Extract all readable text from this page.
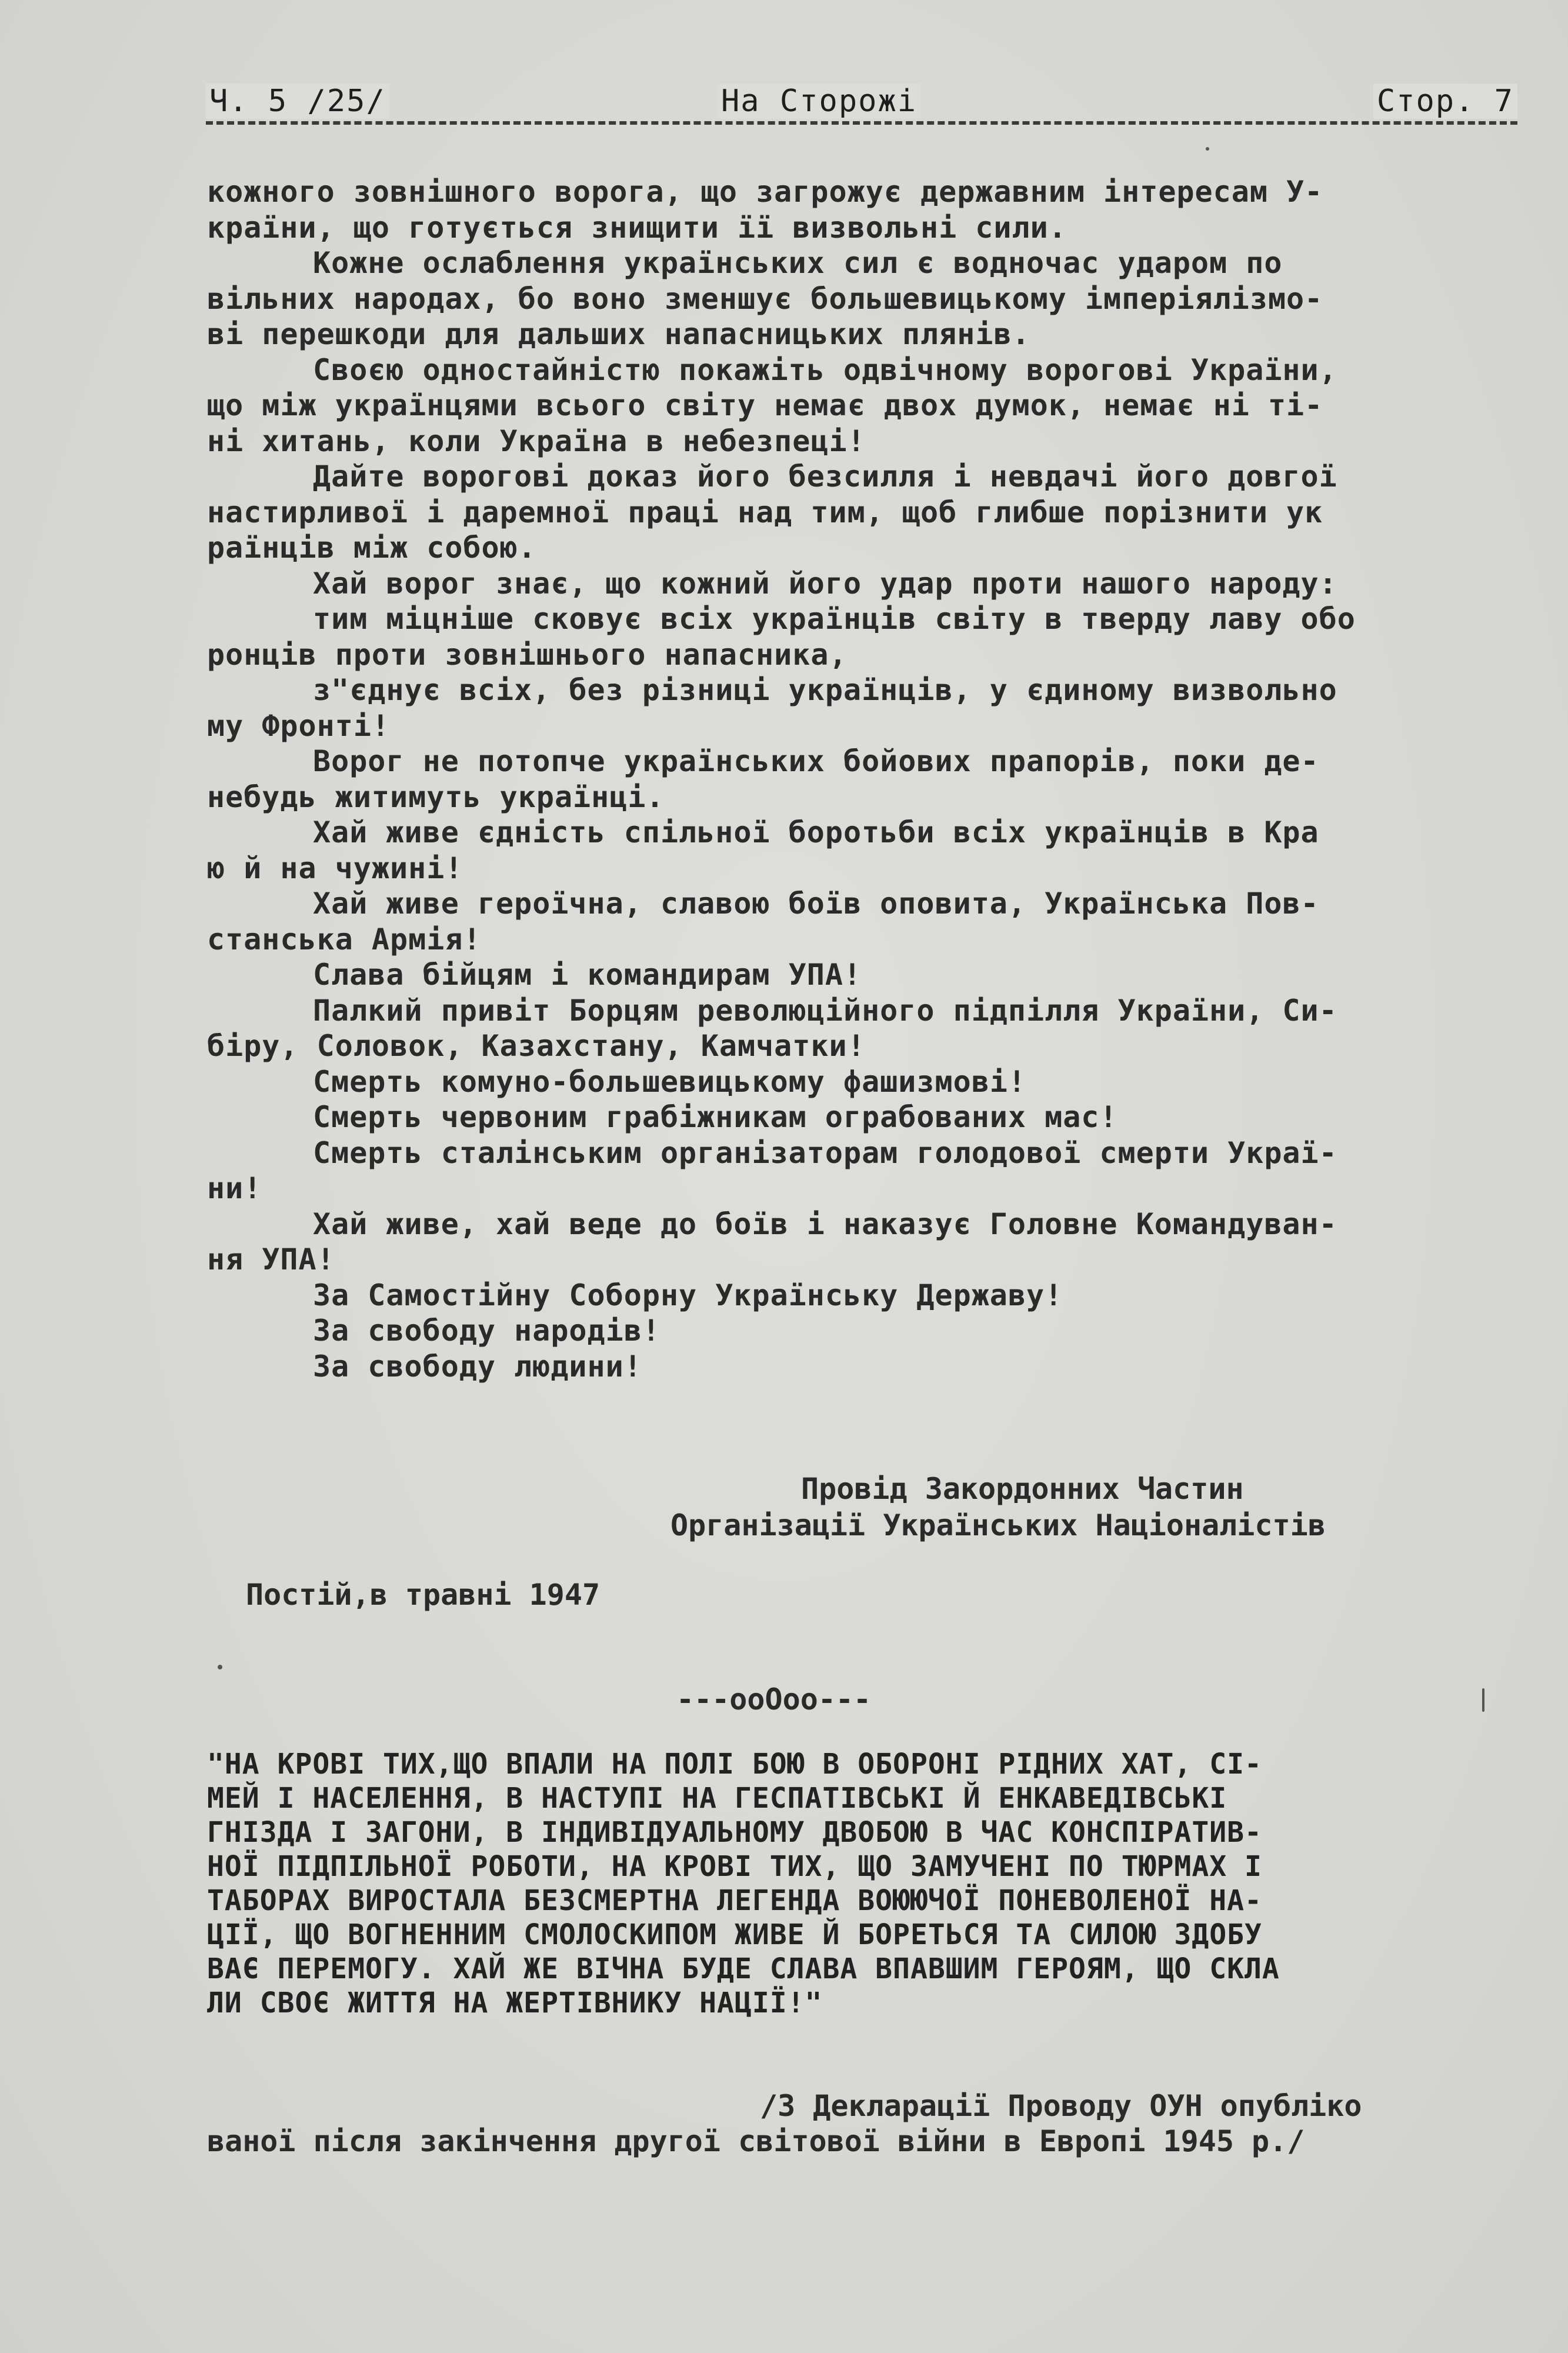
Ч. 5 /25/	На Сторожі	Стор. 7
кожного зовнішного ворога, що загрожує державним інтересам У-
країни, що готується знищити її визвольні сили.
Кожне ослаблення українських сил є водночас ударом по
вільних народах, бо воно зменшує большевицькому імперіялізмо-
ві перешкоди для дальших напасницьких плянів.
Своєю одностайністю покажіть одвічному ворогові України,
що між українцями всього світу немає двох думок, немає ні ті-
ні хитань, коли Україна в небезпеці!
Дайте ворогові доказ його безсилля і невдачі його довгої
настирливої і даремної праці над тим, щоб глибше порізнити ук
раїнців між собою.
Хай ворог знає, що кожний його удар проти нашого народу:
тим міцніше сковує всіх українців світу в тверду лаву обо
ронців проти зовнішнього напасника,
з"єднує всіх, без різниці українців, у єдиному визвольно
му Фронті!
Ворог не потопче українських бойових прапорів, поки де-
небудь житимуть українці.
Хай живе єдність спільної боротьби всіх українців в Кра
ю й на чужині!
Хай живе героїчна, славою боїв оповита, Українська Пов-
станська Армія!
Слава бійцям і командирам УПА!
Палкий привіт Борцям революційного підпілля України, Си-
біру, Соловок, Казахстану, Камчатки!
Смерть комуно-большевицькому фашизмові!
Смерть червоним грабіжникам ограбованих мас!
Смерть сталінським організаторам голодової смерти Украї-
ни!
Хай живе, хай веде до боїв і наказує Головне Командуван-
ня УПА!
За Самостійну Соборну Українську Державу!
За свободу народів!
За свободу людини!
Провід Закордонних Частин
Організації Українських Націоналістів
Постій,в травні 1947
---ооОоо---
"НА КРОВІ ТИХ,ЩО ВПАЛИ НА ПОЛІ БОЮ В ОБОРОНІ РІДНИХ ХАТ, СІ-
МЕЙ І НАСЕЛЕННЯ, В НАСТУПІ НА ГЕСПАТІВСЬКІ Й ЕНКАВЕДІВСЬКІ
ГНІЗДА І ЗАГОНИ, В ІНДИВІДУАЛЬНОМУ ДВОБОЮ В ЧАС КОНСПІРАТИВ-
НОЇ ПІДПІЛЬНОЇ РОБОТИ, НА КРОВІ ТИХ, ЩО ЗАМУЧЕНІ ПО ТЮРМАХ І
ТАБОРАХ ВИРОСТАЛА БЕЗСМЕРТНА ЛЕГЕНДА ВОЮЮЧОЇ ПОНЕВОЛЕНОЇ НА-
ЦІЇ, ЩО ВОГНЕННИМ СМОЛОСКИПОМ ЖИВЕ Й БОРЕТЬСЯ ТА СИЛОЮ ЗДОБУ
ВАЄ ПЕРЕМОГУ. ХАЙ ЖЕ ВІЧНА БУДЕ СЛАВА ВПАВШИМ ГЕРОЯМ, ЩО СКЛА
ЛИ СВОЄ ЖИТТЯ НА ЖЕРТІВНИКУ НАЦІЇ!"
/З Декларації Проводу ОУН опубліко
ваної після закінчення другої світової війни в Европі 1945 р./
